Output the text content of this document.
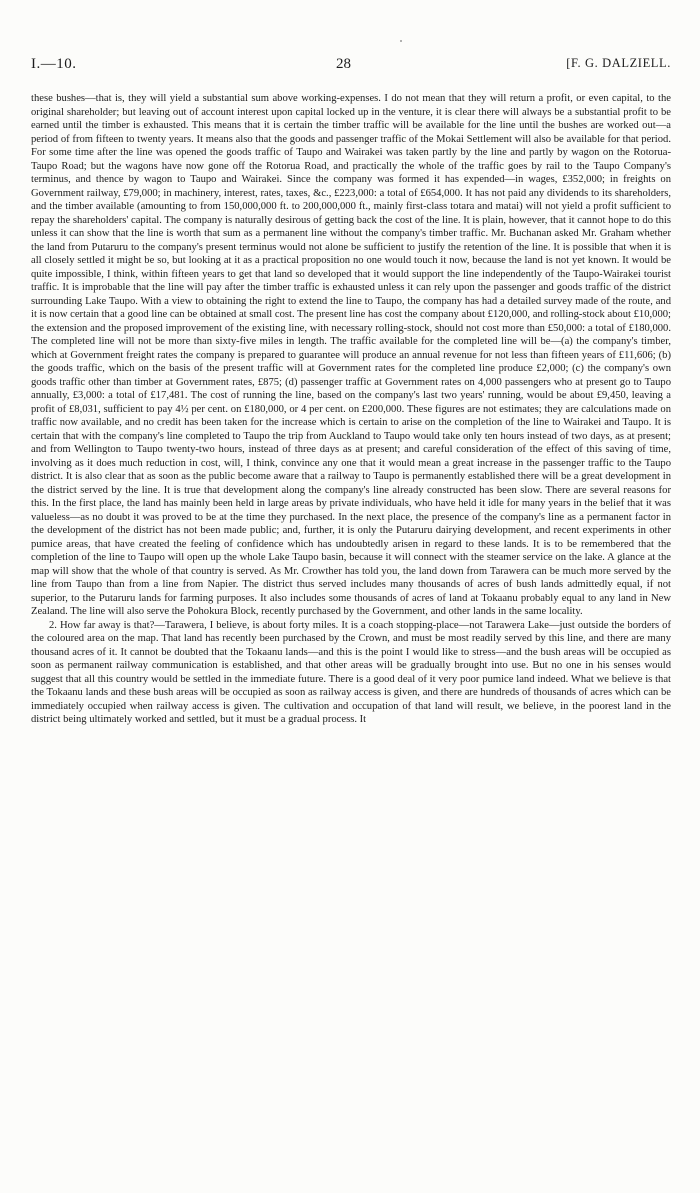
I.—10.	28	[F. G. DALZIELL.

these bushes—that is, they will yield a substantial sum above working-expenses. I do not mean that they will return a profit, or even capital, to the original shareholder; but leaving out of account interest upon capital locked up in the venture, it is clear there will always be a substantial profit to be earned until the timber is exhausted. This means that it is certain the timber traffic will be available for the line until the bushes are worked out—a period of from fifteen to twenty years. It means also that the goods and passenger traffic of the Mokai Settlement will also be available for that period. For some time after the line was opened the goods traffic of Taupo and Wairakei was taken partly by the line and partly by wagon on the Rotorua-Taupo Road; but the wagons have now gone off the Rotorua Road, and practically the whole of the traffic goes by rail to the Taupo Company's terminus, and thence by wagon to Taupo and Wairakei. Since the company was formed it has expended—in wages, £352,000; in freights on Government railway, £79,000; in machinery, interest, rates, taxes, &c., £223,000: a total of £654,000. It has not paid any dividends to its shareholders, and the timber available (amounting to from 150,000,000 ft. to 200,000,000 ft., mainly first-class totara and matai) will not yield a profit sufficient to repay the shareholders' capital. The company is naturally desirous of getting back the cost of the line. It is plain, however, that it cannot hope to do this unless it can show that the line is worth that sum as a permanent line without the company's timber traffic. Mr. Buchanan asked Mr. Graham whether the land from Putaruru to the company's present terminus would not alone be sufficient to justify the retention of the line. It is possible that when it is all closely settled it might be so, but looking at it as a practical proposition no one would touch it now, because the land is not yet known. It would be quite impossible, I think, within fifteen years to get that land so developed that it would support the line independently of the Taupo-Wairakei tourist traffic. It is improbable that the line will pay after the timber traffic is exhausted unless it can rely upon the passenger and goods traffic of the district surrounding Lake Taupo. With a view to obtaining the right to extend the line to Taupo, the company has had a detailed survey made of the route, and it is now certain that a good line can be obtained at small cost. The present line has cost the company about £120,000, and rolling-stock about £10,000; the extension and the proposed improvement of the existing line, with necessary rolling-stock, should not cost more than £50,000: a total of £180,000. The completed line will not be more than sixty-five miles in length. The traffic available for the completed line will be—(a) the company's timber, which at Government freight rates the company is prepared to guarantee will produce an annual revenue for not less than fifteen years of £11,606; (b) the goods traffic, which on the basis of the present traffic will at Government rates for the completed line produce £2,000; (c) the company's own goods traffic other than timber at Government rates, £875; (d) passenger traffic at Government rates on 4,000 passengers who at present go to Taupo annually, £3,000: a total of £17,481. The cost of running the line, based on the company's last two years' running, would be about £9,450, leaving a profit of £8,031, sufficient to pay 4½ per cent. on £180,000, or 4 per cent. on £200,000. These figures are not estimates; they are calculations made on traffic now available, and no credit has been taken for the increase which is certain to arise on the completion of the line to Wairakei and Taupo. It is certain that with the company's line completed to Taupo the trip from Auckland to Taupo would take only ten hours instead of two days, as at present; and from Wellington to Taupo twenty-two hours, instead of three days as at present; and careful consideration of the effect of this saving of time, involving as it does much reduction in cost, will, I think, convince any one that it would mean a great increase in the passenger traffic to the Taupo district. It is also clear that as soon as the public become aware that a railway to Taupo is permanently established there will be a great development in the district served by the line. It is true that development along the company's line already constructed has been slow. There are several reasons for this. In the first place, the land has mainly been held in large areas by private individuals, who have held it idle for many years in the belief that it was valueless—as no doubt it was proved to be at the time they purchased. In the next place, the presence of the company's line as a permanent factor in the development of the district has not been made public; and, further, it is only the Putaruru dairying development, and recent experiments in other pumice areas, that have created the feeling of confidence which has undoubtedly arisen in regard to these lands. It is to be remembered that the completion of the line to Taupo will open up the whole Lake Taupo basin, because it will connect with the steamer service on the lake. A glance at the map will show that the whole of that country is served. As Mr. Crowther has told you, the land down from Tarawera can be much more served by the line from Taupo than from a line from Napier. The district thus served includes many thousands of acres of bush lands admittedly equal, if not superior, to the Putaruru lands for farming purposes. It also includes some thousands of acres of land at Tokaanu probably equal to any land in New Zealand. The line will also serve the Pohokura Block, recently purchased by the Government, and other lands in the same locality.

2. How far away is that?—Tarawera, I believe, is about forty miles. It is a coach stopping-place—not Tarawera Lake—just outside the borders of the coloured area on the map. That land has recently been purchased by the Crown, and must be most readily served by this line, and there are many thousand acres of it. It cannot be doubted that the Tokaanu lands—and this is the point I would like to stress—and the bush areas will be occupied as soon as permanent railway communication is established, and that other areas will be gradually brought into use. But no one in his senses would suggest that all this country would be settled in the immediate future. There is a good deal of it very poor pumice land indeed. What we believe is that the Tokaanu lands and these bush areas will be occupied as soon as railway access is given, and there are hundreds of thousands of acres which can be immediately occupied when railway access is given. The cultivation and occupation of that land will result, we believe, in the poorest land in the district being ultimately worked and settled, but it must be a gradual process. It
